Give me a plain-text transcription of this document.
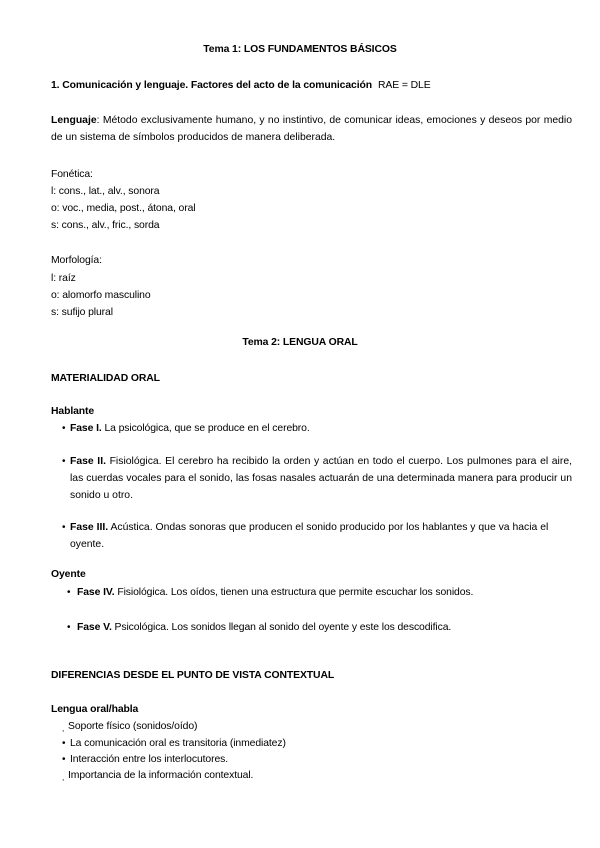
Tema 1: LOS FUNDAMENTOS BÁSICOS
1. Comunicación y lenguaje. Factores del acto de la comunicación RAE = DLE
Lenguaje: Método exclusivamente humano, y no instintivo, de comunicar ideas, emociones y deseos por medio de un sistema de símbolos producidos de manera deliberada.
Fonética:
l: cons., lat., alv., sonora
o: voc., media, post., átona, oral
s: cons., alv., fric., sorda
Morfología:
l: raíz
o: alomorfo masculino
s: sufijo plural
Tema 2: LENGUA ORAL
MATERIALIDAD ORAL
Hablante
• Fase I. La psicológica, que se produce en el cerebro.
• Fase II. Fisiológica. El cerebro ha recibido la orden y actúan en todo el cuerpo. Los pulmones para el aire, las cuerdas vocales para el sonido, las fosas nasales actuarán de una determinada manera para producir un sonido u otro.
• Fase III. Acústica. Ondas sonoras que producen el sonido producido por los hablantes y que va hacia el oyente.
Oyente
• Fase IV. Fisiológica. Los oídos, tienen una estructura que permite escuchar los sonidos.
• Fase V. Psicológica. Los sonidos llegan al sonido del oyente y este los descodifica.
DIFERENCIAS DESDE EL PUNTO DE VISTA CONTEXTUAL
Lengua oral/habla
, Soporte físico (sonidos/oído)
• La comunicación oral es transitoria (inmediatez)
• Interacción entre los interlocutores.
, Importancia de la información contextual.
